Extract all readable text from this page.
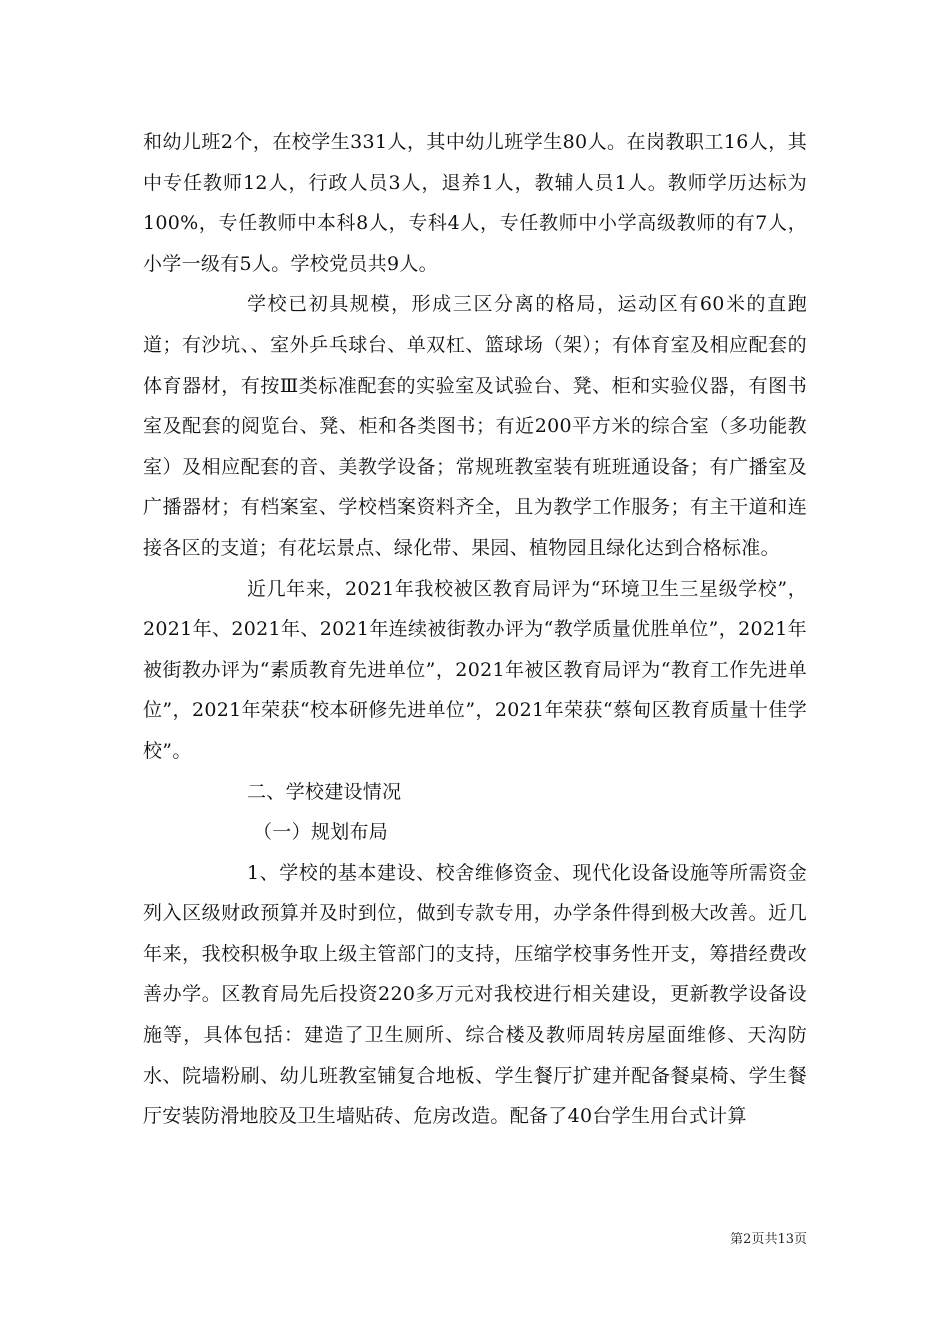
和幼儿班2个，在校学生331人，其中幼儿班学生80人。在岗教职工16人，其中专任教师12人，行政人员3人，退养1人，教辅人员1人。教师学历达标为100%，专任教师中本科8人，专科4人，专任教师中小学高级教师的有7人，小学一级有5人。学校党员共9人。

学校已初具规模，形成三区分离的格局，运动区有60米的直跑道；有沙坑、、室外乒乓球台、单双杠、篮球场（架）；有体育室及相应配套的体育器材，有按Ⅲ类标准配套的实验室及试验台、凳、柜和实验仪器，有图书室及配套的阅览台、凳、柜和各类图书；有近200平方米的综合室（多功能教室）及相应配套的音、美教学设备；常规班教室装有班班通设备；有广播室及广播器材；有档案室、学校档案资料齐全，且为教学工作服务；有主干道和连接各区的支道；有花坛景点、绿化带、果园、植物园且绿化达到合格标准。

近几年来，2021年我校被区教育局评为“环境卫生三星级学校”，2021年、2021年、2021年连续被街教办评为“教学质量优胜单位”，2021年被街教办评为“素质教育先进单位”，2021年被区教育局评为“教育工作先进单位”，2021年荣获“校本研修先进单位”，2021年荣获“蔡甸区教育质量十佳学校”。

二、学校建设情况

（一）规划布局

1、学校的基本建设、校舍维修资金、现代化设备设施等所需资金列入区级财政预算并及时到位，做到专款专用，办学条件得到极大改善。近几年来，我校积极争取上级主管部门的支持，压缩学校事务性开支，筹措经费改善办学。区教育局先后投资220多万元对我校进行相关建设，更新教学设备设施等，具体包括：建造了卫生厕所、综合楼及教师周转房屋面维修、天沟防水、院墙粉刷、幼儿班教室铺复合地板、学生餐厅扩建并配备餐桌椅、学生餐厅安装防滑地胶及卫生墙贴砖、危房改造。配备了40台学生用台式计算

第2页共13页
